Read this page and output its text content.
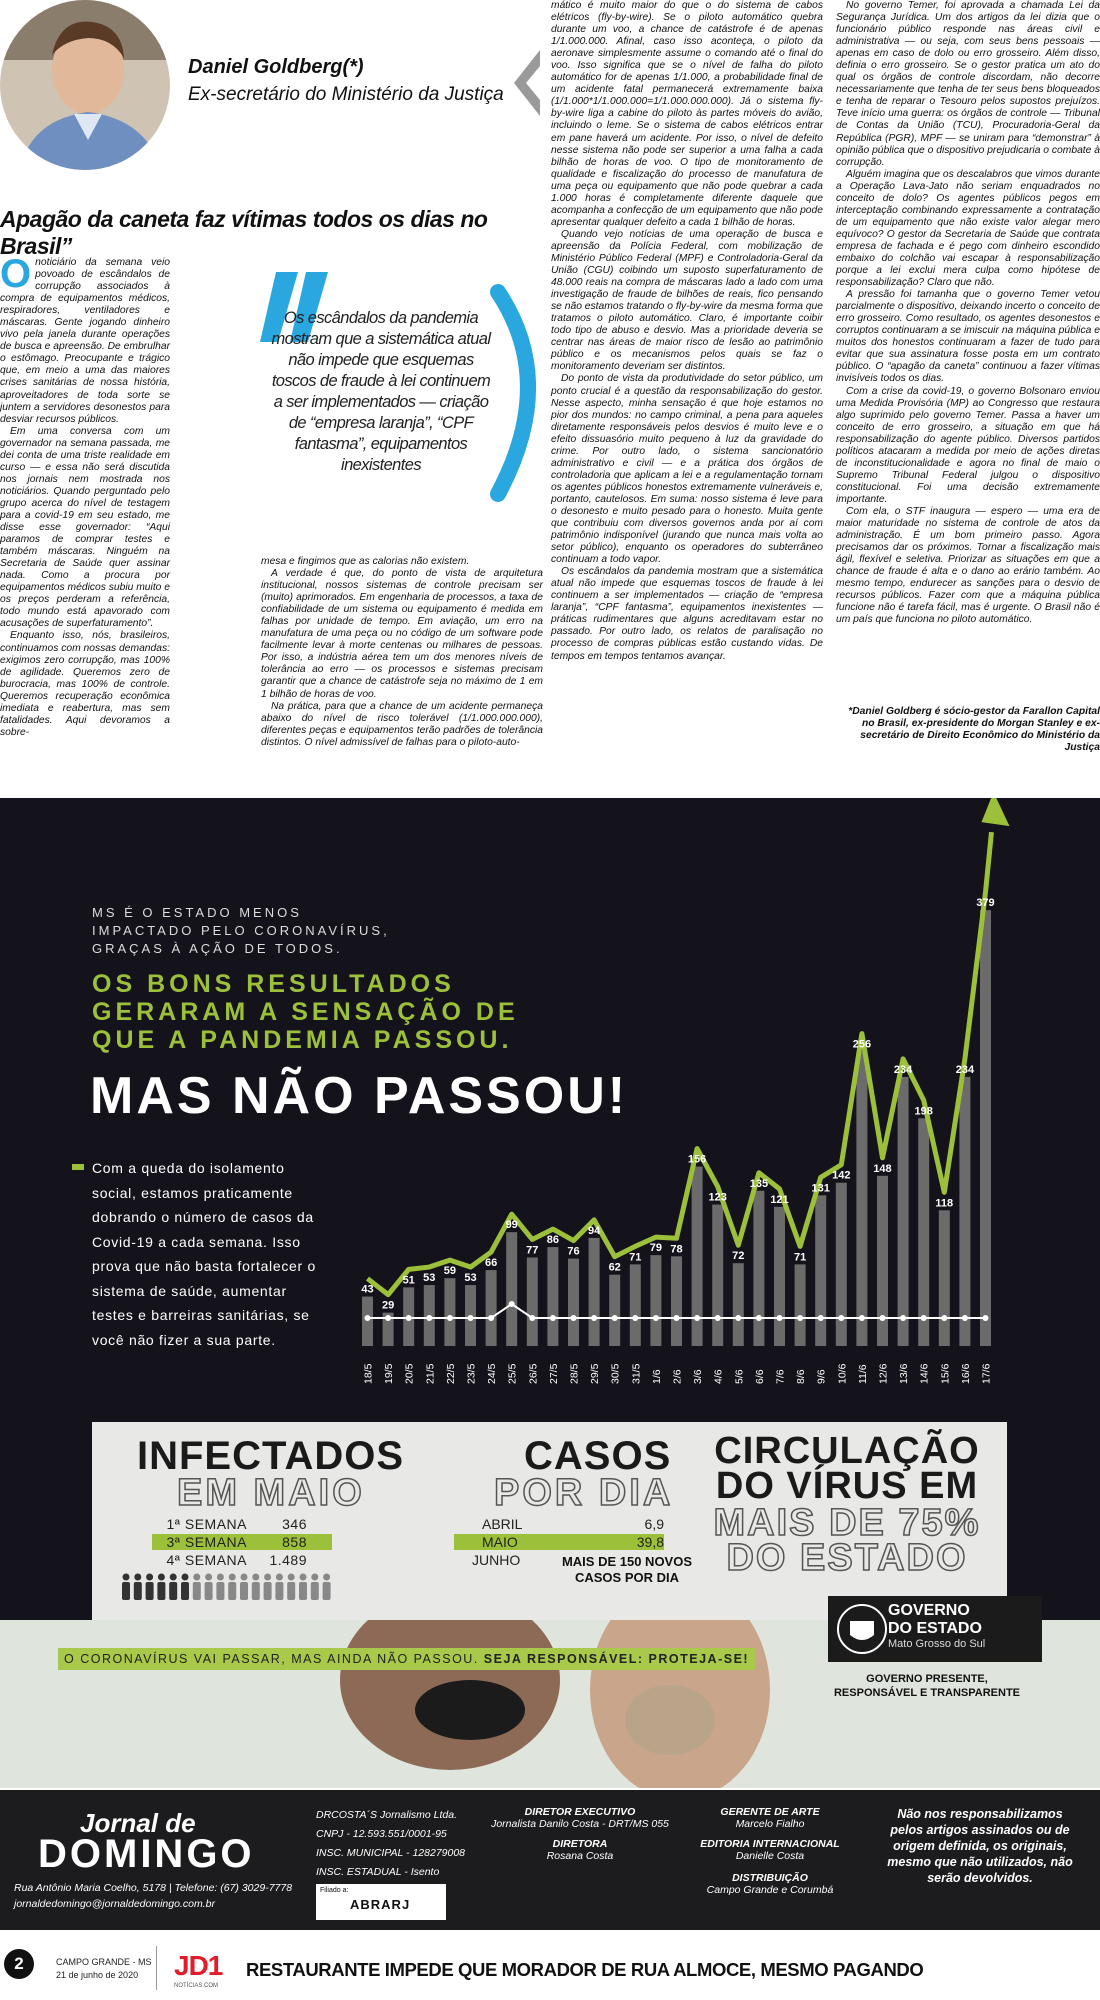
Daniel Goldberg(*)
Ex-secretário do Ministério da Justiça
Apagão da caneta faz vítimas todos os dias no Brasil”

Onoticiário da semana veio povoado de escândalos de corrupção associados à compra de equipamentos médicos, respiradores, ventiladores e máscaras. Gente jogando dinheiro vivo pela janela durante operações de busca e apreensão. De embrulhar o estômago. Preocupante e trágico que, em meio a uma das maiores crises sanitárias de nossa história, aproveitadores de toda sorte se juntem a servidores desonestos para desviar recursos públicos.

Em uma conversa com um governador na semana passada, me dei conta de uma triste realidade em curso — e essa não será discutida nos jornais nem mostrada nos noticiários. Quando perguntado pelo grupo acerca do nível de testagem para a covid-19 em seu estado, me disse esse governador: “Aqui paramos de comprar testes e também máscaras. Ninguém na Secretaria de Saúde quer assinar nada. Como a procura por equipamentos médicos subiu muito e os preços perderam a referência, todo mundo está apavorado com acusações de superfaturamento”.

Enquanto isso, nós, brasileiros, continuamos com nossas demandas: exigimos zero corrupção, mas 100% de agilidade. Queremos zero de burocracia, mas 100% de controle. Queremos recuperação econômica imediata e reabertura, mas sem fatalidades. Aqui devoramos a sobre-

Os escândalos da pandemia mostram que a sistemática atual não impede que esquemas toscos de fraude à lei continuem a ser implementados — criação de “empresa laranja”, “CPF fantasma”, equipamentos inexistentes

mesa e fingimos que as calorias não existem.

A verdade é que, do ponto de vista de arquitetura institucional, nossos sistemas de controle precisam ser (muito) aprimorados. Em engenharia de processos, a taxa de confiabilidade de um sistema ou equipamento é medida em falhas por unidade de tempo. Em aviação, um erro na manufatura de uma peça ou no código de um software pode facilmente levar à morte centenas ou milhares de pessoas. Por isso, a indústria aérea tem um dos menores níveis de tolerância ao erro — os processos e sistemas precisam garantir que a chance de catástrofe seja no máximo de 1 em 1 bilhão de horas de voo.

Na prática, para que a chance de um acidente permaneça abaixo do nível de risco tolerável (1/1.000.000.000), diferentes peças e equipamentos terão padrões de tolerância distintos. O nível admissível de falhas para o piloto-auto-

mático é muito maior do que o do sistema de cabos elétricos (fly-by-wire). Se o piloto automático quebra durante um voo, a chance de catástrofe é de apenas 1/1.000.000. Afinal, caso isso aconteça, o piloto da aeronave simplesmente assume o comando até o final do voo. Isso significa que se o nível de falha do piloto automático for de apenas 1/1.000, a probabilidade final de um acidente fatal permanecerá extremamente baixa (1/1.000*1/1.000.000=1/1.000.000.000). Já o sistema fly-by-wire liga a cabine do piloto às partes móveis do avião, incluindo o leme. Se o sistema de cabos elétricos entrar em pane haverá um acidente. Por isso, o nível de defeito nesse sistema não pode ser superior a uma falha a cada bilhão de horas de voo. O tipo de monitoramento de qualidade e fiscalização do processo de manufatura de uma peça ou equipamento que não pode quebrar a cada 1.000 horas é completamente diferente daquele que acompanha a confecção de um equipamento que não pode apresentar qualquer defeito a cada 1 bilhão de horas.

Quando vejo notícias de uma operação de busca e apreensão da Polícia Federal, com mobilização de Ministério Público Federal (MPF) e Controladoria-Geral da União (CGU) coibindo um suposto superfaturamento de 48.000 reais na compra de máscaras lado a lado com uma investigação de fraude de bilhões de reais, fico pensando se não estamos tratando o fly-by-wire da mesma forma que tratamos o piloto automático. Claro, é importante coibir todo tipo de abuso e desvio. Mas a prioridade deveria se centrar nas áreas de maior risco de lesão ao patrimônio público e os mecanismos pelos quais se faz o monitoramento deveriam ser distintos.

Do ponto de vista da produtividade do setor público, um ponto crucial é a questão da responsabilização do gestor. Nesse aspecto, minha sensação é que hoje estamos no pior dos mundos: no campo criminal, a pena para aqueles diretamente responsáveis pelos desvios é muito leve e o efeito dissuasório muito pequeno à luz da gravidade do crime. Por outro lado, o sistema sancionatório administrativo e civil — e a prática dos órgãos de controladoria que aplicam a lei e a regulamentação tornam os agentes públicos honestos extremamente vulneráveis e, portanto, cautelosos. Em suma: nosso sistema é leve para o desonesto e muito pesado para o honesto. Muita gente que contribuiu com diversos governos anda por aí com patrimônio indisponível (jurando que nunca mais volta ao setor público), enquanto os operadores do subterrâneo continuam a todo vapor.

Os escândalos da pandemia mostram que a sistemática atual não impede que esquemas toscos de fraude à lei continuem a ser implementados — criação de “empresa laranja”, “CPF fantasma”, equipamentos inexistentes — práticas rudimentares que alguns acreditavam estar no passado. Por outro lado, os relatos de paralisação no processo de compras públicas estão custando vidas. De tempos em tempos tentamos avançar.

No governo Temer, foi aprovada a chamada Lei da Segurança Jurídica. Um dos artigos da lei dizia que o funcionário público responde nas áreas civil e administrativa — ou seja, com seus bens pessoais — apenas em caso de dolo ou erro grosseiro. Além disso, definia o erro grosseiro. Se o gestor pratica um ato do qual os órgãos de controle discordam, não decorre necessariamente que tenha de ter seus bens bloqueados e tenha de reparar o Tesouro pelos supostos prejuízos. Teve início uma guerra: os órgãos de controle — Tribunal de Contas da União (TCU), Procuradoria-Geral da República (PGR), MPF — se uniram para “demonstrar” à opinião pública que o dispositivo prejudicaria o combate à corrupção.

Alguém imagina que os descalabros que vimos durante a Operação Lava-Jato não seriam enquadrados no conceito de dolo? Os agentes públicos pegos em interceptação combinando expressamente a contratação de um equipamento que não existe valor alegar mero equívoco? O gestor da Secretaria de Saúde que contrata empresa de fachada e é pego com dinheiro escondido embaixo do colchão vai escapar à responsabilização porque a lei exclui mera culpa como hipótese de responsabilização? Claro que não.

A pressão foi tamanha que o governo Temer vetou parcialmente o dispositivo, deixando incerto o conceito de erro grosseiro. Como resultado, os agentes desonestos e corruptos continuaram a se imiscuir na máquina pública e muitos dos honestos continuaram a fazer de tudo para evitar que sua assinatura fosse posta em um contrato público. O “apagão da caneta” continuou a fazer vítimas invisíveis todos os dias.

Com a crise da covid-19, o governo Bolsonaro enviou uma Medida Provisória (MP) ao Congresso que restaura algo suprimido pelo governo Temer. Passa a haver um conceito de erro grosseiro, a situação em que há responsabilização do agente público. Diversos partidos políticos atacaram a medida por meio de ações diretas de inconstitucionalidade e agora no final de maio o Supremo Tribunal Federal julgou o dispositivo constitucional. Foi uma decisão extremamente importante.

Com ela, o STF inaugura — espero — uma era de maior maturidade no sistema de controle de atos da administração. É um bom primeiro passo. Agora precisamos dar os próximos. Tornar a fiscalização mais ágil, flexível e seletiva. Priorizar as situações em que a chance de fraude é alta e o dano ao erário também. Ao mesmo tempo, endurecer as sanções para o desvio de recursos públicos. Fazer com que a máquina pública funcione não é tarefa fácil, mas é urgente. O Brasil não é um país que funciona no piloto automático.

*Daniel Goldberg é sócio-gestor da Farallon Capital no Brasil, ex-presidente do Morgan Stanley e ex-secretário de Direito Econômico do Ministério da Justiça
MS É O ESTADO MENOS
IMPACTADO PELO CORONAVÍRUS,
GRAÇAS À AÇÃO DE TODOS.
OS BONS RESULTADOS
GERARAM A SENSAÇÃO DE
QUE A PANDEMIA PASSOU.
MAS NÃO PASSOU!
Com a queda do isolamento social, estamos praticamente dobrando o número de casos da Covid-19 a cada semana. Isso prova que não basta fortalecer o sistema de saúde, aumentar testes e barreiras sanitárias, se você não fizer a sua parte.
43
29
51 53
59
53
66
99
77
86
76
94
62
71
79 78
156
123
72
135
121
71
131
142
256
148
234
198
118
234
379
18/5 19/5 20/5 21/5 22/5 23/5 24/5 25/5 26/5 27/5 28/5 29/5 30/5 31/5 1/6 2/6 3/6 4/6 5/6 6/6 7/6 8/6 9/6 10/6 11/6 12/6 13/6 14/6 15/6 16/6 17/6
INFECTADOS
EM MAIO
1ª SEMANA	346
3ª SEMANA	858
4ª SEMANA 1.489
CASOS
POR DIA
ABRIL	6,9
MAIO	39,8
JUNHO	MAIS DE 150 NOVOS CASOS POR DIA
CIRCULAÇÃO DO VÍRUS EM
MAIS DE 75% DO ESTADO
O CORONAVÍRUS VAI PASSAR, MAS AINDA NÃO PASSOU. SEJA RESPONSÁVEL: PROTEJA-SE!
GOVERNO
DO ESTADO
Mato Grosso do Sul
GOVERNO PRESENTE,
RESPONSÁVEL E TRANSPARENTE
Jornal de
DOMINGO
Rua Antônio Maria Coelho, 5178 | Telefone: (67) 3029-7778
jornaldedomingo@jornaldedomingo.com.br
DRCOSTA´S Jornalismo Ltda.
CNPJ - 12.593.551/0001-95
INSC. MUNICIPAL - 128279008
INSC. ESTADUAL - Isento
Filiado a:
ABRARJ
DIRETOR EXECUTIVO
Jornalista Danilo Costa - DRT/MS 055
DIRETORA
Rosana Costa
GERENTE DE ARTE
Marcelo Fialho
EDITORIA INTERNACIONAL
Danielle Costa
DISTRIBUIÇÃO
Campo Grande e Corumbá
Não nos responsabilizamos pelos artigos assinados ou de origem definida, os originais, mesmo que não utilizados, não serão devolvidos.
2	CAMPO GRANDE - MS
21 de junho de 2020 JD1
NOTÍCIAS.COM
RESTAURANTE IMPEDE QUE MORADOR DE RUA ALMOCE, MESMO PAGANDO
